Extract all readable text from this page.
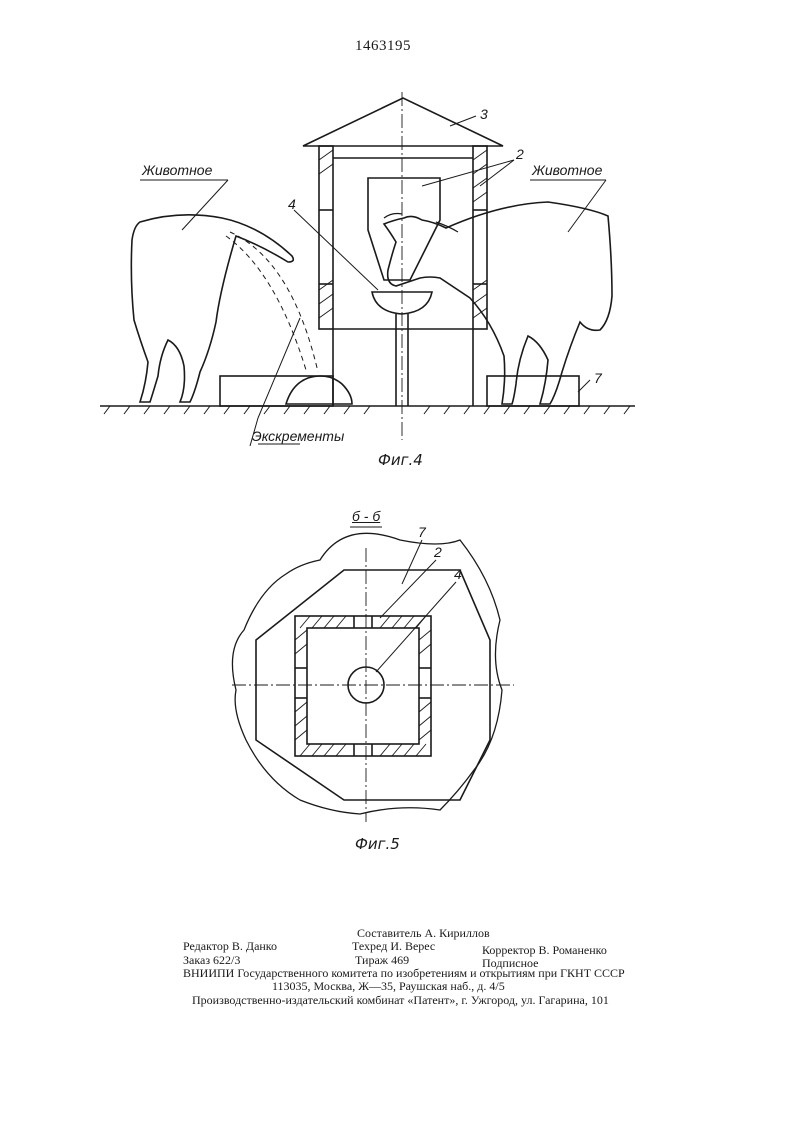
1463195
Животное	Животное
Экскременты
3
2
4
7
Фиг.4
б - б
7
2
4
Фиг.5
Составитель А. Кириллов
Редактор В. Данко	Техред И. Верес	Корректор В. Романенко
Заказ 622/3	Тираж 469	Подписное
ВНИИПИ Государственного комитета по изобретениям и открытиям при ГКНТ СССР
113035, Москва, Ж—35, Раушская наб., д. 4/5
Производственно-издательский комбинат «Патент», г. Ужгород, ул. Гагарина, 101
